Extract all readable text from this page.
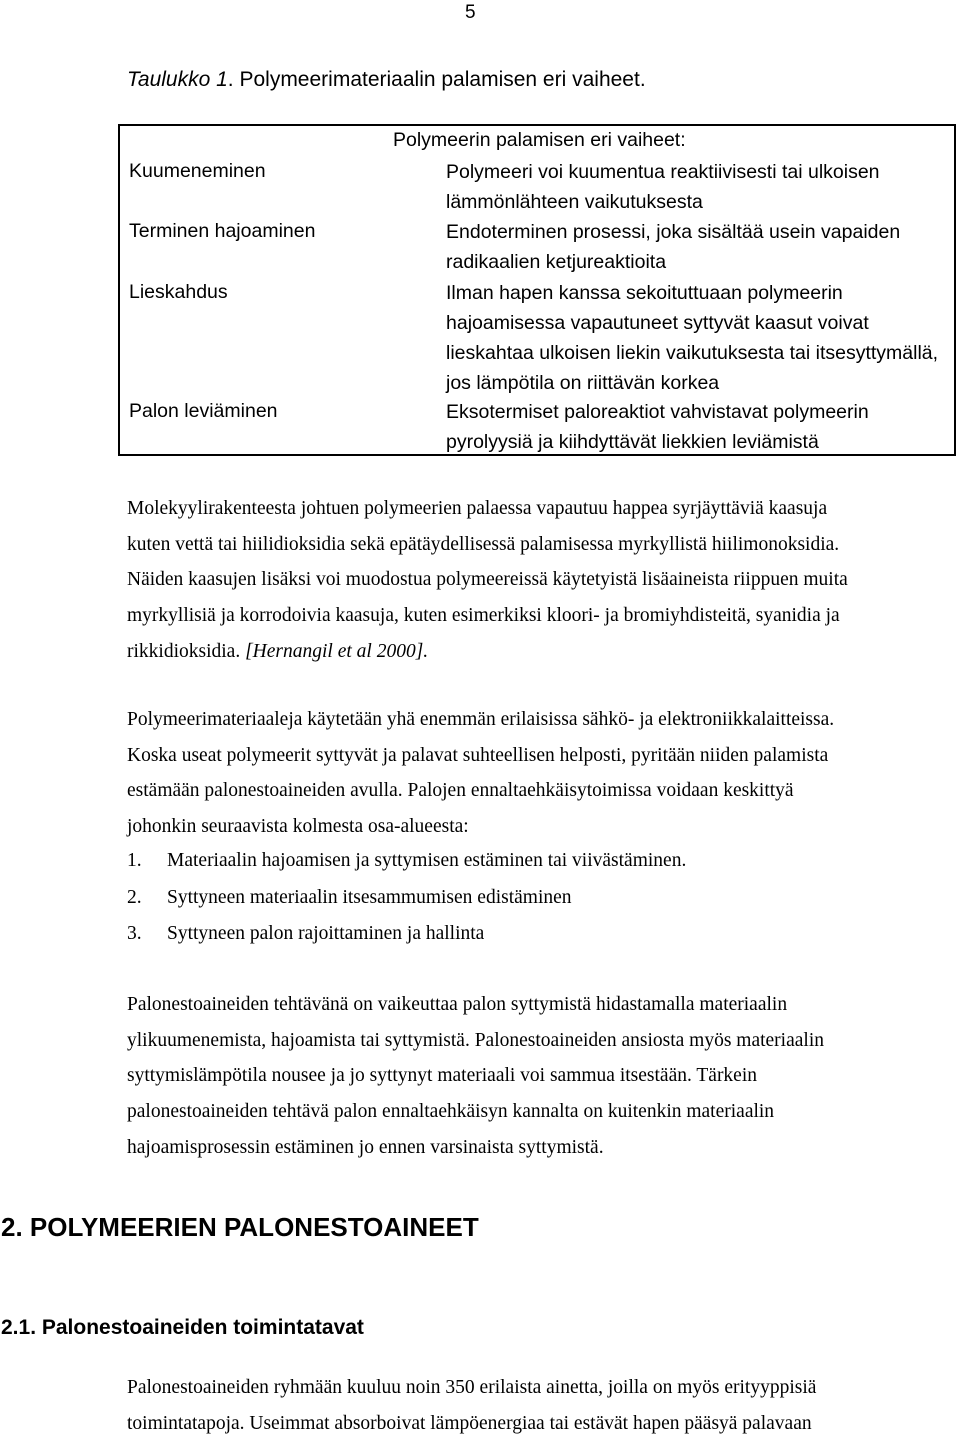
5
Taulukko 1. Polymeerimateriaalin palamisen eri vaiheet.
Polymeerin palamisen eri vaiheet:
Kuumeneminen	Polymeeri voi kuumentua reaktiivisesti tai ulkoisen
lämmönlähteen vaikutuksesta
Terminen hajoaminen	Endoterminen prosessi, joka sisältää usein vapaiden
radikaalien ketjureaktioita
Lieskahdus	Ilman hapen kanssa sekoituttuaan polymeerin
hajoamisessa vapautuneet syttyvät kaasut voivat
lieskahtaa ulkoisen liekin vaikutuksesta tai itsesyttymällä,
jos lämpötila on riittävän korkea
Palon leviäminen	Eksotermiset paloreaktiot vahvistavat polymeerin
pyrolyysiä ja kiihdyttävät liekkien leviämistä
Molekyylirakenteesta johtuen polymeerien palaessa vapautuu happea syrjäyttäviä kaasuja
kuten vettä tai hiilidioksidia sekä epätäydellisessä palamisessa myrkyllistä hiilimonoksidia.
Näiden kaasujen lisäksi voi muodostua polymeereissä käytetyistä lisäaineista riippuen muita
myrkyllisiä ja korrodoivia kaasuja, kuten esimerkiksi kloori- ja bromiyhdisteitä, syanidia ja
rikkidioksidia. [Hernangil et al 2000].
Polymeerimateriaaleja käytetään yhä enemmän erilaisissa sähkö- ja elektroniikkalaitteissa.
Koska useat polymeerit syttyvät ja palavat suhteellisen helposti, pyritään niiden palamista
estämään palonestoaineiden avulla. Palojen ennaltaehkäisytoimissa voidaan keskittyä
johonkin seuraavista kolmesta osa-alueesta:
1. Materiaalin hajoamisen ja syttymisen estäminen tai viivästäminen.
2. Syttyneen materiaalin itsesammumisen edistäminen
3. Syttyneen palon rajoittaminen ja hallinta
Palonestoaineiden tehtävänä on vaikeuttaa palon syttymistä hidastamalla materiaalin
ylikuumenemista, hajoamista tai syttymistä. Palonestoaineiden ansiosta myös materiaalin
syttymislämpötila nousee ja jo syttynyt materiaali voi sammua itsestään. Tärkein
palonestoaineiden tehtävä palon ennaltaehkäisyn kannalta on kuitenkin materiaalin
hajoamisprosessin estäminen jo ennen varsinaista syttymistä.
2. POLYMEERIEN PALONESTOAINEET
2.1. Palonestoaineiden toimintatavat
Palonestoaineiden ryhmään kuuluu noin 350 erilaista ainetta, joilla on myös erityyppisiä
toimintatapoja. Useimmat absorboivat lämpöenergiaa tai estävät hapen pääsyä palavaan
